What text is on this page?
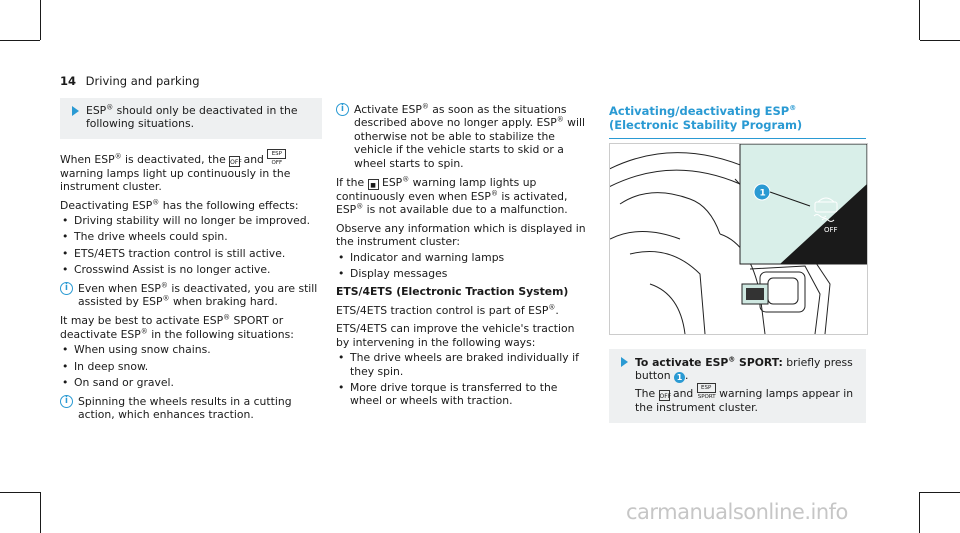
14 Driving and parking
ESP® should only be deactivated in the following situations.

When ESP® is deactivated, the OFF and ESP OFF warning lamps light up continuously in the instrument cluster.

Deactivating ESP® has the following effects:

• Driving stability will no longer be improved.
• The drive wheels could spin.
• ETS/4ETS traction control is still active.
• Crosswind Assist is no longer active.
i Even when ESP® is deactivated, you are still assisted by ESP® when braking hard.

It may be best to activate ESP® SPORT or deactivate ESP® in the following situations:

• When using snow chains.
• In deep snow.
• On sand or gravel.
i Spinning the wheels results in a cutting action, which enhances traction.
i Activate ESP® as soon as the situations described above no longer apply. ESP® will otherwise not be able to stabilize the vehicle if the vehicle starts to skid or a wheel starts to spin.

If the ■ ESP® warning lamp lights up continuously even when ESP® is activated, ESP® is not available due to a malfunction.

Observe any information which is displayed in the instrument cluster:

• Indicator and warning lamps
• Display messages

ETS/4ETS (Electronic Traction System)

ETS/4ETS traction control is part of ESP®.

ETS/4ETS can improve the vehicle's traction by intervening in the following ways:

• The drive wheels are braked individually if they spin.
• More drive torque is transferred to the wheel or wheels with traction.
Activating/deactivating ESP® (Electronic Stability Program)
OFF
1
To activate ESP® SPORT: briefly press button 1 .
The OFF and ESP SPORT warning lamps appear in the instrument cluster.
carmanualsonline.info
